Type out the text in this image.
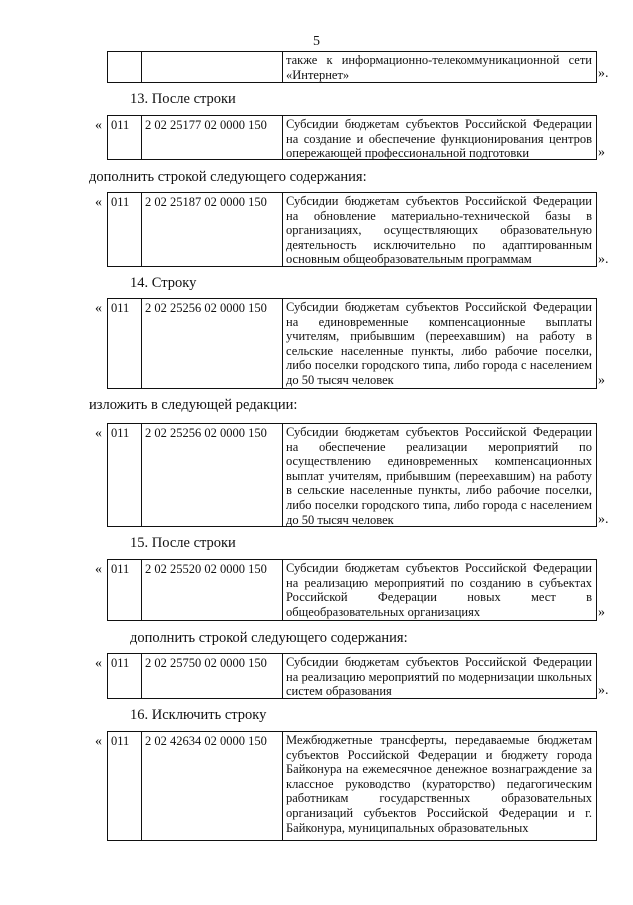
5
также к информационно-телекоммуникационной сети «Интернет»	».
13. После строки
« 011 2 02 25177 02 0000 150 Субсидии бюджетам субъектов Российской Федерации на создание и обеспечение функционирования центров опережающей профессиональной подготовки	»
дополнить строкой следующего содержания:
« 011 2 02 25187 02 0000 150 Субсидии бюджетам субъектов Российской Федерации на обновление материально-технической базы в организациях, осуществляющих образовательную деятельность исключительно по адаптированным основным общеобразовательным программам	».
14. Строку
« 011 2 02 25256 02 0000 150 Субсидии бюджетам субъектов Российской Федерации на единовременные компенсационные выплаты учителям, прибывшим (переехавшим) на работу в сельские населенные пункты, либо рабочие поселки, либо поселки городского типа, либо города с населением до 50 тысяч человек	»
изложить в следующей редакции:
« 011 2 02 25256 02 0000 150 Субсидии бюджетам субъектов Российской Федерации на обеспечение реализации мероприятий по осуществлению единовременных компенсационных выплат учителям, прибывшим (переехавшим) на работу в сельские населенные пункты, либо рабочие поселки, либо поселки городского типа, либо города с населением до 50 тысяч человек	».
15. После строки
« 011 2 02 25520 02 0000 150 Субсидии бюджетам субъектов Российской Федерации на реализацию мероприятий по созданию в субъектах Российской Федерации новых мест в общеобразовательных организациях	»
дополнить строкой следующего содержания:
« 011 2 02 25750 02 0000 150 Субсидии бюджетам субъектов Российской Федерации на реализацию мероприятий по модернизации школьных систем образования	».
16. Исключить строку
« 011 2 02 42634 02 0000 150 Межбюджетные трансферты, передаваемые бюджетам субъектов Российской Федерации и бюджету города Байконура на ежемесячное денежное вознаграждение за классное руководство (кураторство) педагогическим работникам государственных образовательных организаций субъектов Российской Федерации и г. Байконура, муниципальных образовательных
